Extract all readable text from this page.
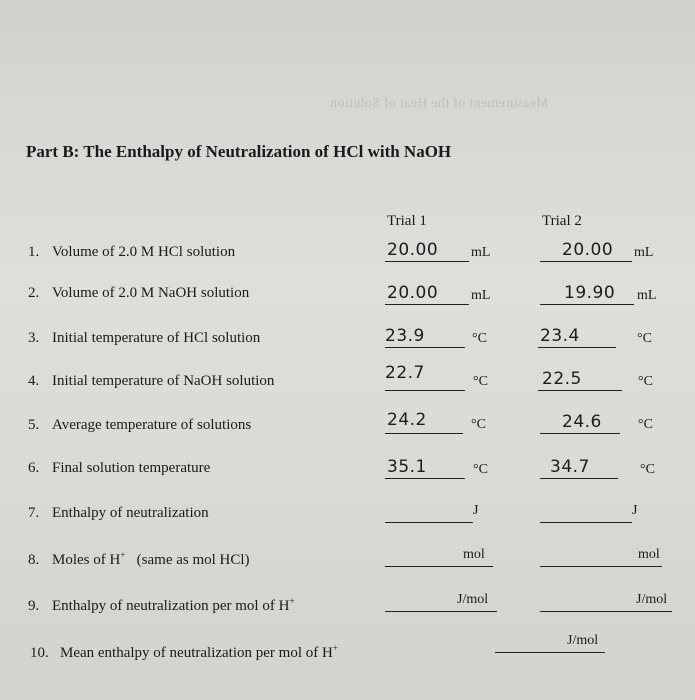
Measurement of the Heat of Solution
Part B: The Enthalpy of Neutralization of HCl with NaOH
Trial 1	Trial 2
1. Volume of 2.0 M HCl solution	20.00 mL	20.00 mL
2. Volume of 2.0 M NaOH solution	20.00 mL	19.90 mL
3. Initial temperature of HCl solution	23.9	°C	23.4	°C
4. Initial temperature of NaOH solution	22.7	°C	22.5	°C
5. Average temperature of solutions	24.2	°C	24.6	°C
6. Final solution temperature	35.1	°C	34.7	°C
7. Enthalpy of neutralization	J	J
8. Moles of H+   (same as mol HCl)	mol	mol
9. Enthalpy of neutralization per mol of H+	J/mol	J/mol
10. Mean enthalpy of neutralization per mol of H+	J/mol
